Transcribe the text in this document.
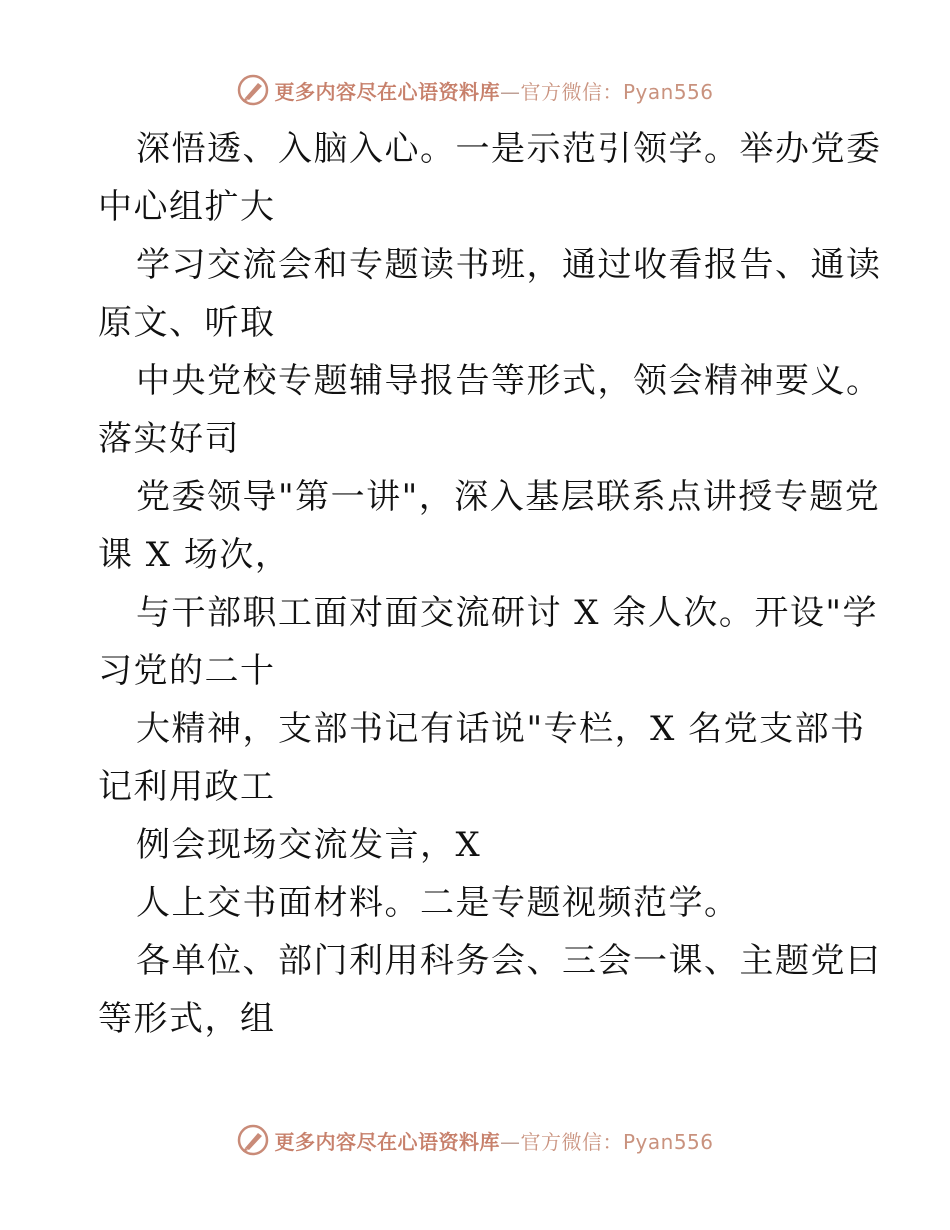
更多内容尽在心语资料库—官方微信：Pyan556
深悟透、入脑入心。一是示范引领学。举办党委
中心组扩大
学习交流会和专题读书班，通过收看报告、通读
原文、听取
中央党校专题辅导报告等形式，领会精神要义。
落实好司
党委领导"第一讲"，深入基层联系点讲授专题党
课 X 场次，
与干部职工面对面交流研讨 X 余人次。开设"学
习党的二十
大精神，支部书记有话说"专栏，X 名党支部书
记利用政工
例会现场交流发言，X
人上交书面材料。二是专题视频范学。
各单位、部门利用科务会、三会一课、主题党曰
等形式，组
更多内容尽在心语资料库—官方微信：Pyan556
